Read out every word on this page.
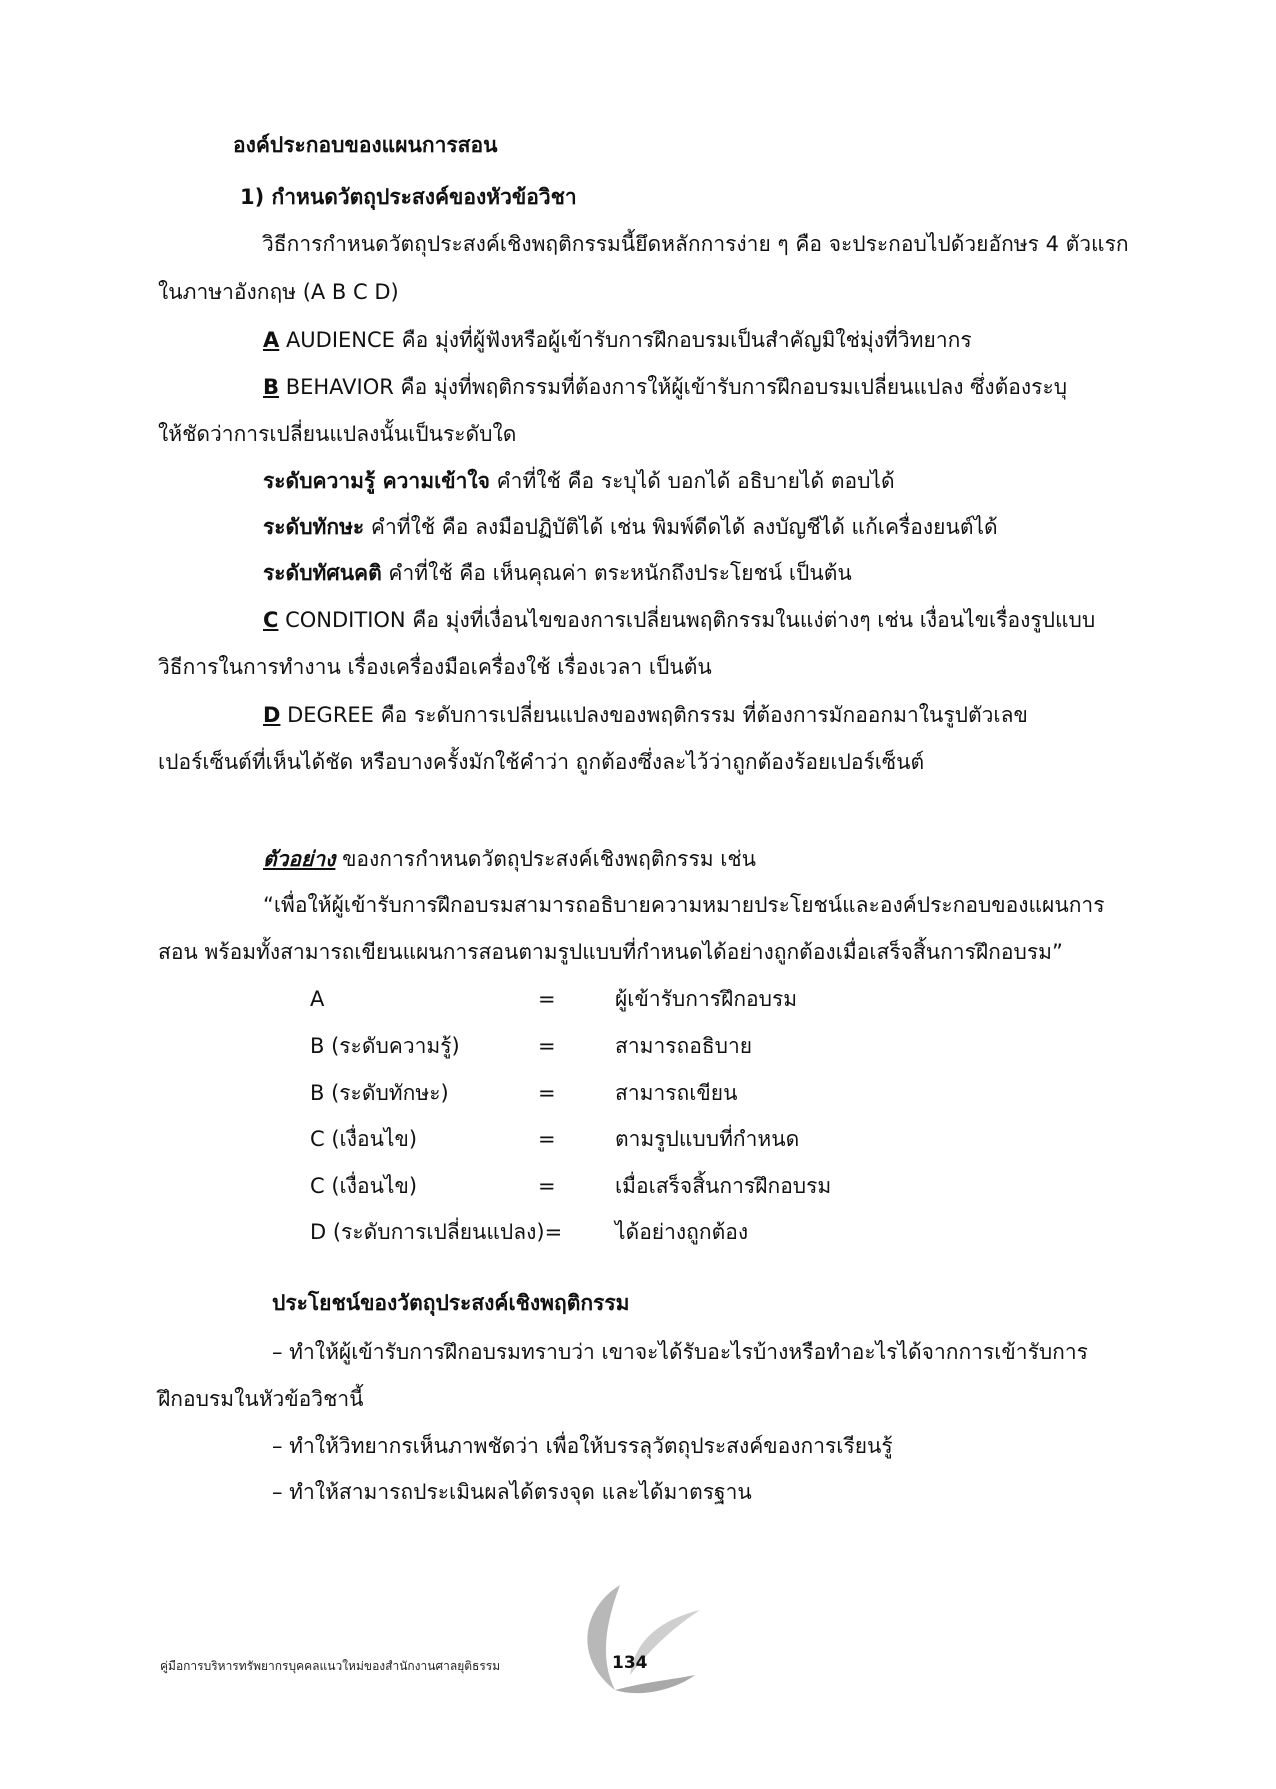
องค์ประกอบของแผนการสอน
1) กำหนดวัตถุประสงค์ของหัวข้อวิชา
วิธีการกำหนดวัตถุประสงค์เชิงพฤติกรรมนี้ยึดหลักการง่าย ๆ คือ จะประกอบไปด้วยอักษร 4 ตัวแรก
ในภาษาอังกฤษ (A B C D)
A AUDIENCE คือ มุ่งที่ผู้ฟังหรือผู้เข้ารับการฝึกอบรมเป็นสำคัญมิใช่มุ่งที่วิทยากร
B BEHAVIOR คือ มุ่งที่พฤติกรรมที่ต้องการให้ผู้เข้ารับการฝึกอบรมเปลี่ยนแปลง ซึ่งต้องระบุ
ให้ชัดว่าการเปลี่ยนแปลงนั้นเป็นระดับใด
ระดับความรู้ ความเข้าใจ คำที่ใช้ คือ ระบุได้ บอกได้ อธิบายได้ ตอบได้
ระดับทักษะ คำที่ใช้ คือ ลงมือปฏิบัติได้ เช่น พิมพ์ดีดได้ ลงบัญชีได้ แก้เครื่องยนต์ได้
ระดับทัศนคติ คำที่ใช้ คือ เห็นคุณค่า ตระหนักถึงประโยชน์ เป็นต้น
C CONDITION คือ มุ่งที่เงื่อนไขของการเปลี่ยนพฤติกรรมในแง่ต่างๆ เช่น เงื่อนไขเรื่องรูปแบบ
วิธีการในการทำงาน เรื่องเครื่องมือเครื่องใช้ เรื่องเวลา เป็นต้น
D DEGREE คือ ระดับการเปลี่ยนแปลงของพฤติกรรม ที่ต้องการมักออกมาในรูปตัวเลข
เปอร์เซ็นต์ที่เห็นได้ชัด หรือบางครั้งมักใช้คำว่า ถูกต้องซึ่งละไว้ว่าถูกต้องร้อยเปอร์เซ็นต์
ตัวอย่าง ของการกำหนดวัตถุประสงค์เชิงพฤติกรรม เช่น
“เพื่อให้ผู้เข้ารับการฝึกอบรมสามารถอธิบายความหมายประโยชน์และองค์ประกอบของแผนการ
สอน พร้อมทั้งสามารถเขียนแผนการสอนตามรูปแบบที่กำหนดได้อย่างถูกต้องเมื่อเสร็จสิ้นการฝึกอบรม”
A	=	ผู้เข้ารับการฝึกอบรม
B (ระดับความรู้)	=	สามารถอธิบาย
B (ระดับทักษะ)	=	สามารถเขียน
C (เงื่อนไข)	=	ตามรูปแบบที่กำหนด
C (เงื่อนไข)	=	เมื่อเสร็จสิ้นการฝึกอบรม
D (ระดับการเปลี่ยนแปลง)=	ได้อย่างถูกต้อง
ประโยชน์ของวัตถุประสงค์เชิงพฤติกรรม
– ทำให้ผู้เข้ารับการฝึกอบรมทราบว่า เขาจะได้รับอะไรบ้างหรือทำอะไรได้จากการเข้ารับการ
ฝึกอบรมในหัวข้อวิชานี้
– ทำให้วิทยากรเห็นภาพชัดว่า เพื่อให้บรรลุวัตถุประสงค์ของการเรียนรู้
– ทำให้สามารถประเมินผลได้ตรงจุด และได้มาตรฐาน
คู่มือการบริหารทรัพยากรบุคคลแนวใหม่ของสำนักงานศาลยุติธรรม	134
